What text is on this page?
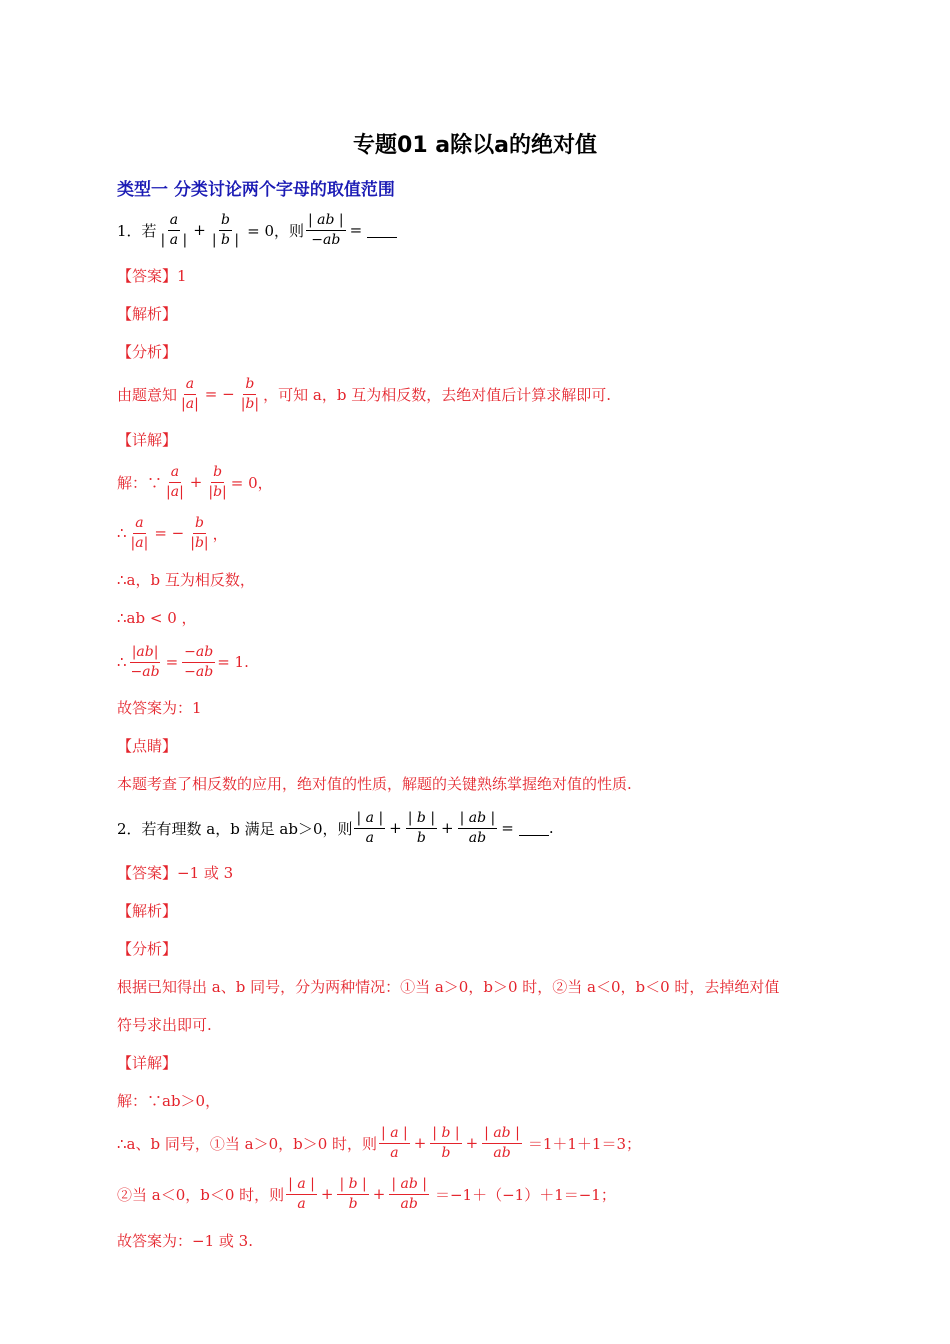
专题01 a除以a的绝对值
类型一 分类讨论两个字母的取值范围
1．若 $\frac{a}{| a |} + \frac{b}{| b |} = 0$，则 $\frac{| ab |}{-ab}$ =
【答案】1
【解析】
【分析】
由题意知 $\frac{a}{|a|}$ = − $\frac{b}{|b|}$ ，可知 a，b 互为相反数，去绝对值后计算求解即可.
【详解】
解：∵ $\frac{a}{|a|} + \frac{b}{|b|} = 0$，
∴ $\frac{a}{|a|}$ = − $\frac{b}{|b|}$ ，
∴a，b 互为相反数，
∴ab < 0 ，
∴ $\frac{|ab|}{-ab} = \frac{-ab}{-ab} = 1$.
故答案为：1
【点睛】
本题考查了相反数的应用，绝对值的性质，解题的关键熟练掌握绝对值的性质.
2．若有理数 a，b 满足 ab＞0，则 $\frac{| a |}{a} + \frac{| b |}{b} + \frac{| ab |}{ab}$ = .
【答案】−1 或 3
【解析】
【分析】
根据已知得出 a、b 同号，分为两种情况：①当 a＞0，b＞0 时，②当 a＜0，b＜0 时，去掉绝对值
符号求出即可.
【详解】
解：∵ab＞0，
∴a、b 同号，①当 a＞0，b＞0 时，则 $\frac{| a |}{a} + \frac{| b |}{b} + \frac{| ab |}{ab} =1+1+1=3$；
②当 a＜0，b＜0 时，则 $\frac{| a |}{a} + \frac{| b |}{b} + \frac{| ab |}{ab} =-1+(-1)+1=-1$；
故答案为：−1 或 3.
